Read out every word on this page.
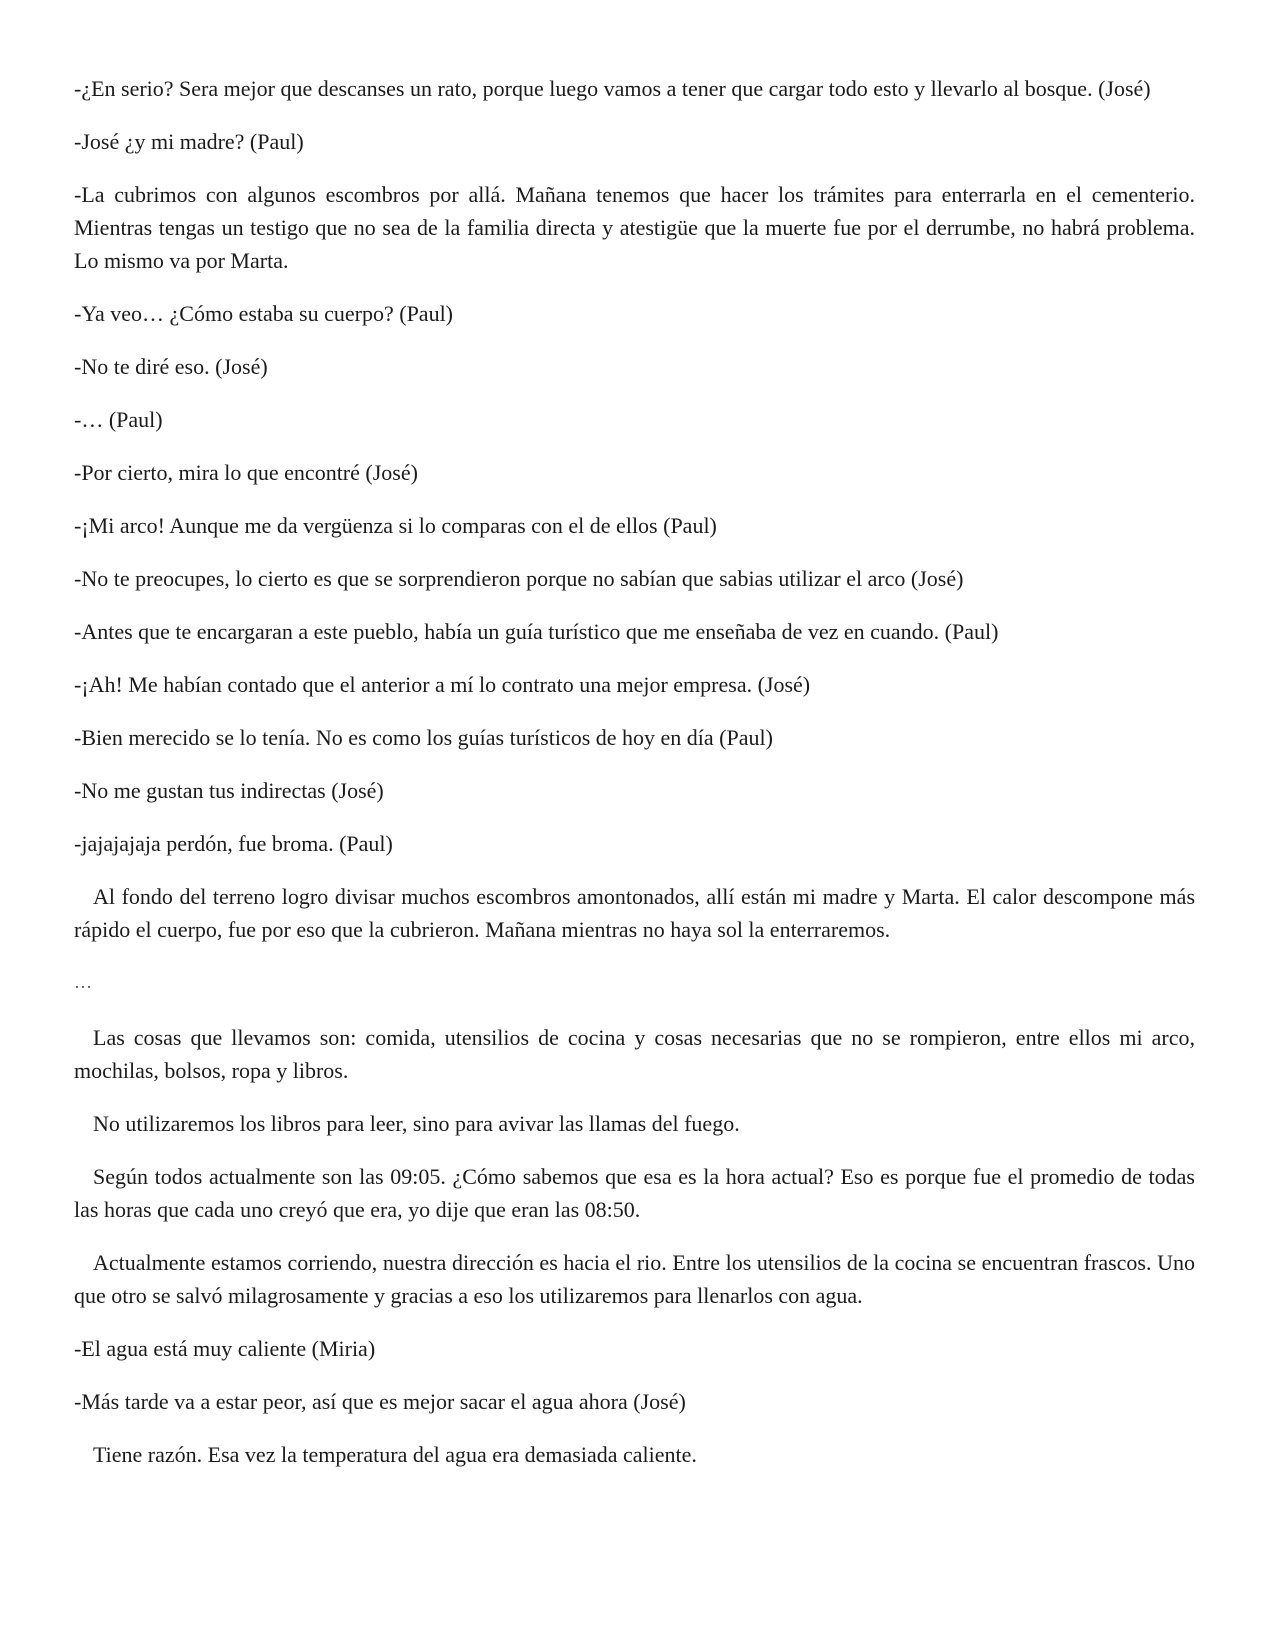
-¿En serio? Sera mejor que descanses un rato, porque luego vamos a tener que cargar todo esto y llevarlo al bosque. (José)

-José ¿y mi madre? (Paul)

-La cubrimos con algunos escombros por allá. Mañana tenemos que hacer los trámites para enterrarla en el cementerio. Mientras tengas un testigo que no sea de la familia directa y atestigüe que la muerte fue por el derrumbe, no habrá problema. Lo mismo va por Marta.

-Ya veo… ¿Cómo estaba su cuerpo? (Paul)

-No te diré eso. (José)

-… (Paul)

-Por cierto, mira lo que encontré (José)

-¡Mi arco! Aunque me da vergüenza si lo comparas con el de ellos (Paul)

-No te preocupes, lo cierto es que se sorprendieron porque no sabían que sabias utilizar el arco (José)

-Antes que te encargaran a este pueblo, había un guía turístico que me enseñaba de vez en cuando. (Paul)

-¡Ah! Me habían contado que el anterior a mí lo contrato una mejor empresa. (José)

-Bien merecido se lo tenía. No es como los guías turísticos de hoy en día (Paul)

-No me gustan tus indirectas (José)

-jajajajaja perdón, fue broma. (Paul)

Al fondo del terreno logro divisar muchos escombros amontonados, allí están mi madre y Marta. El calor descompone más rápido el cuerpo, fue por eso que la cubrieron. Mañana mientras no haya sol la enterraremos.

…

Las cosas que llevamos son: comida, utensilios de cocina y cosas necesarias que no se rompieron, entre ellos mi arco, mochilas, bolsos, ropa y libros.

No utilizaremos los libros para leer, sino para avivar las llamas del fuego.

Según todos actualmente son las 09:05. ¿Cómo sabemos que esa es la hora actual? Eso es porque fue el promedio de todas las horas que cada uno creyó que era, yo dije que eran las 08:50.

Actualmente estamos corriendo, nuestra dirección es hacia el rio. Entre los utensilios de la cocina se encuentran frascos. Uno que otro se salvó milagrosamente y gracias a eso los utilizaremos para llenarlos con agua.

-El agua está muy caliente (Miria)

-Más tarde va a estar peor, así que es mejor sacar el agua ahora (José)

Tiene razón. Esa vez la temperatura del agua era demasiada caliente.
